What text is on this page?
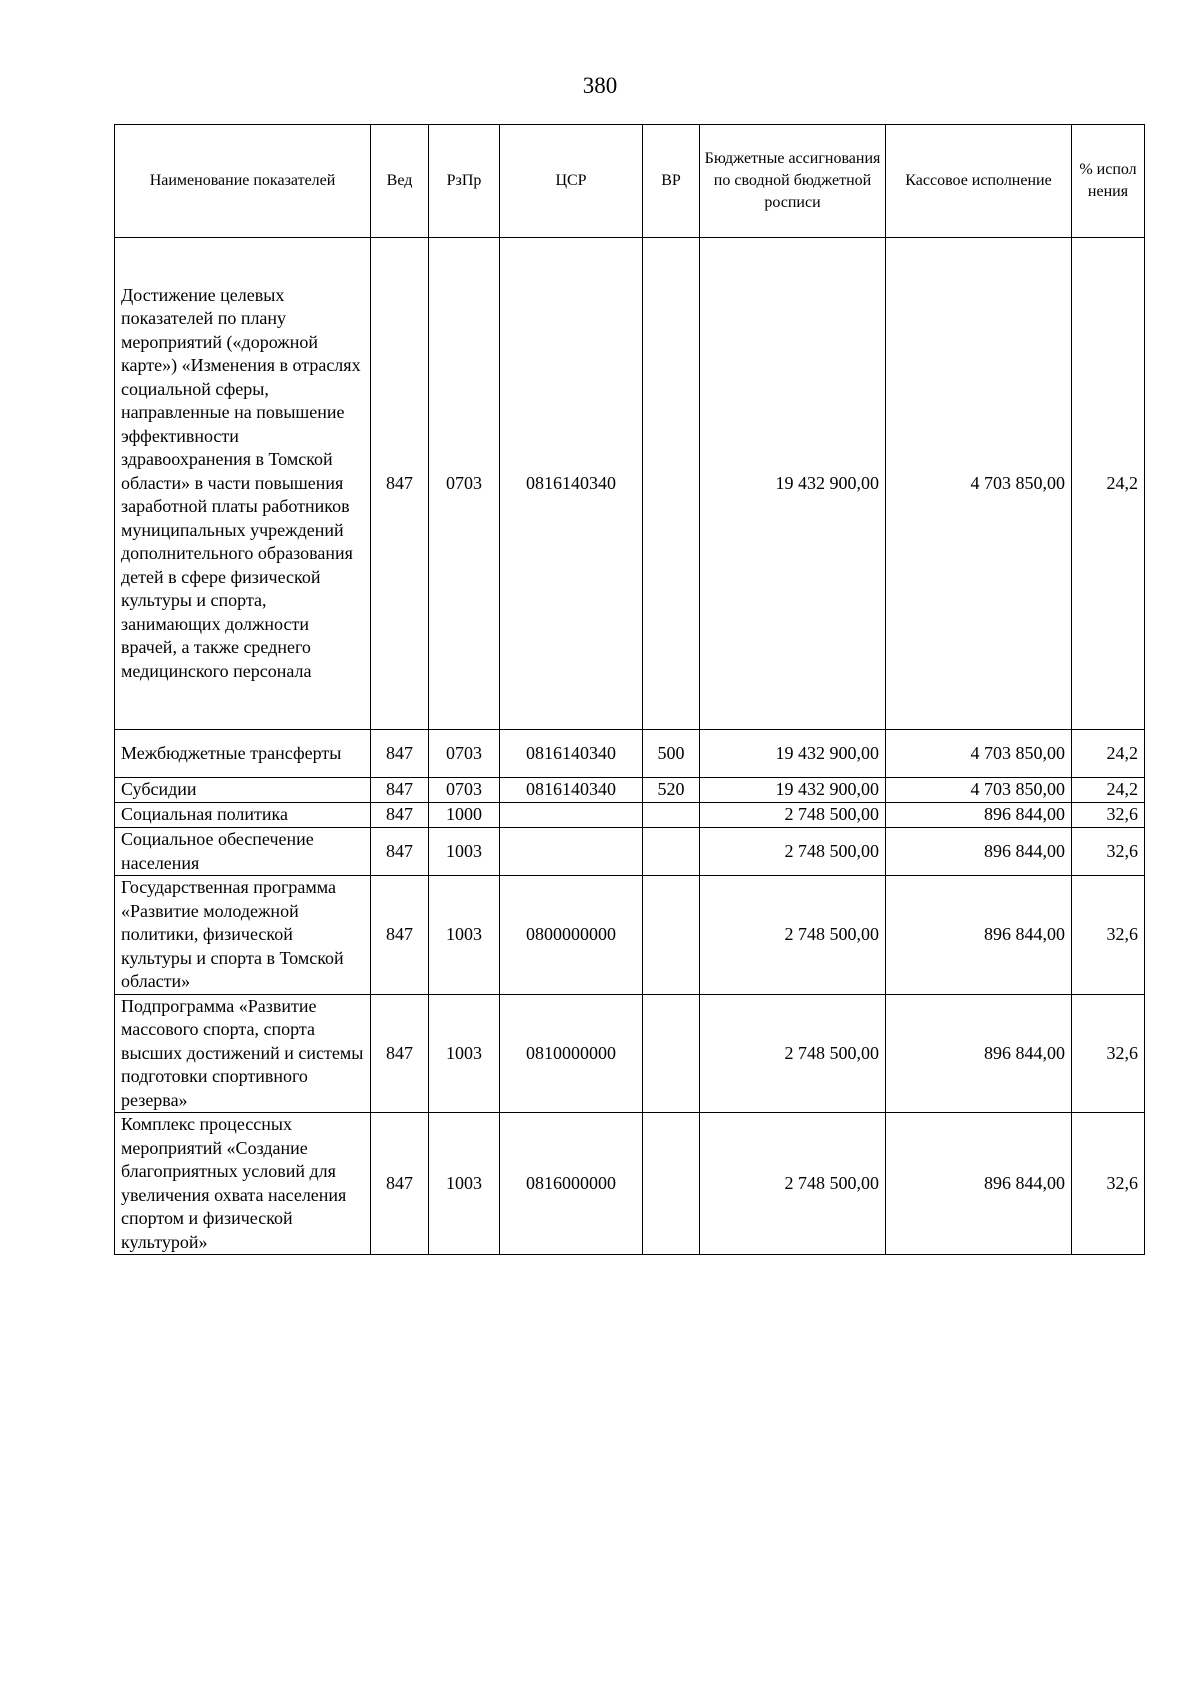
380
Наименование показателей	Вед	РзПр	ЦСР	ВР	Бюджетные ассигнования по сводной бюджетной росписи	Кассовое исполнение	% испол нения
Достижение целевых показателей по плану мероприятий («дорожной карте») «Изменения в отраслях социальной сферы, направленные на повышение эффективности здравоохранения в Томской области» в части повышения заработной платы работников муниципальных учреждений дополнительного образования детей в сфере физической культуры и спорта, занимающих должности врачей, а также среднего медицинского персонала	847	0703	0816140340		19 432 900,00	4 703 850,00	24,2
Межбюджетные трансферты	847	0703	0816140340	500	19 432 900,00	4 703 850,00	24,2
Субсидии	847	0703	0816140340	520	19 432 900,00	4 703 850,00	24,2
Социальная политика	847	1000			2 748 500,00	896 844,00	32,6
Социальное обеспечение населения	847	1003			2 748 500,00	896 844,00	32,6
Государственная программа «Развитие молодежной политики, физической культуры и спорта в Томской области»	847	1003	0800000000		2 748 500,00	896 844,00	32,6
Подпрограмма «Развитие массового спорта, спорта высших достижений и системы подготовки спортивного резерва»	847	1003	0810000000		2 748 500,00	896 844,00	32,6
Комплекс процессных мероприятий «Создание благоприятных условий для увеличения охвата населения спортом и физической культурой»	847	1003	0816000000		2 748 500,00	896 844,00	32,6
